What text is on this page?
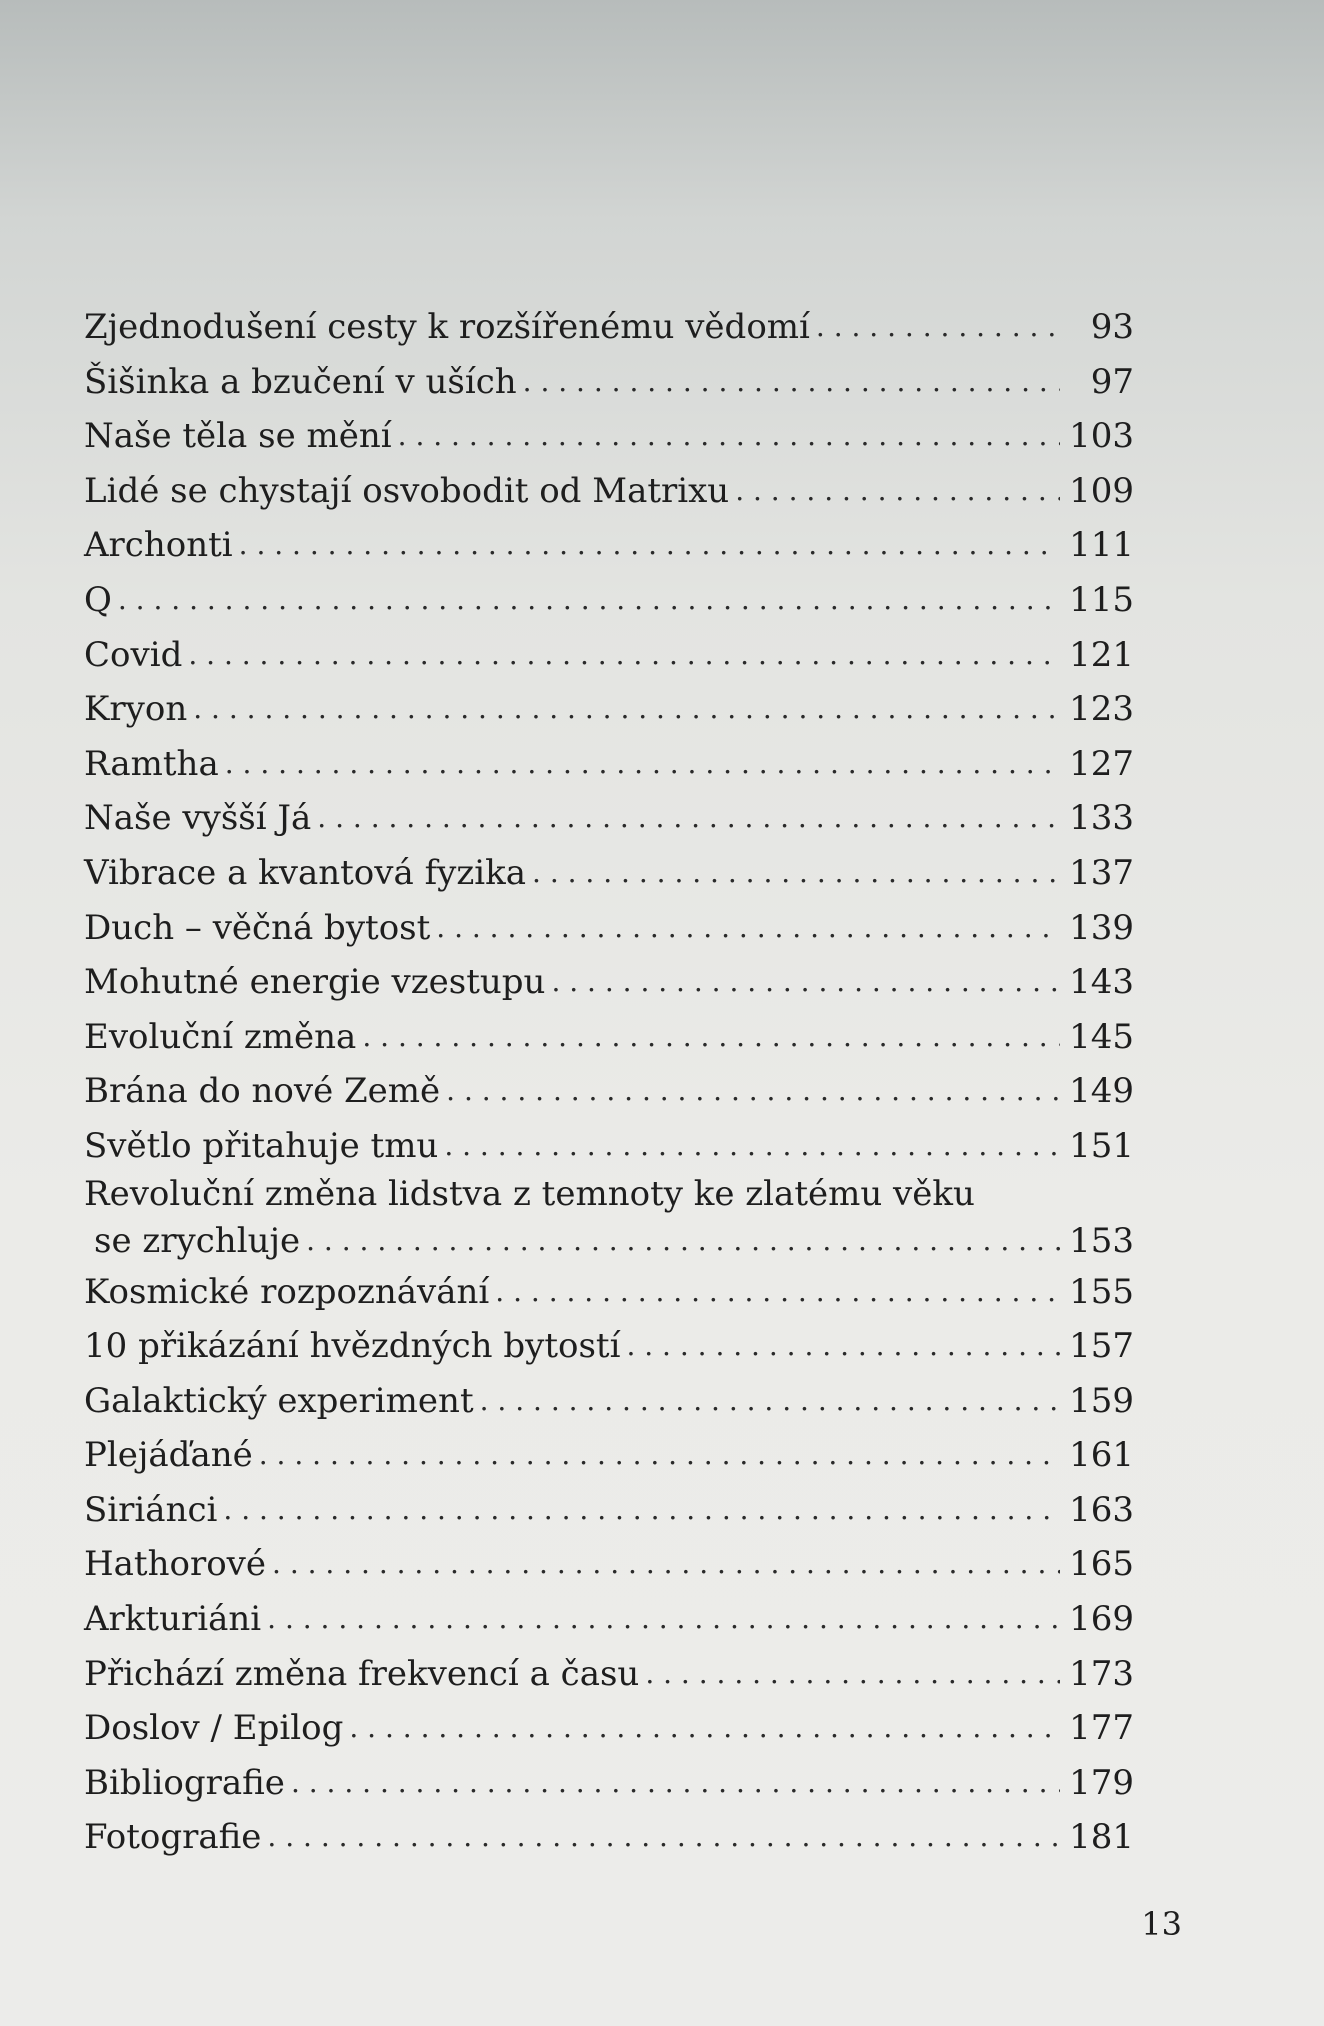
Zjednodušení cesty k rozšířenému vědomí . . .	93
Šišinka a bzučení v uších . . .	97
Naše těla se mění . . .	103
Lidé se chystají osvobodit od Matrixu . . .	109
Archonti . . .	111
Q . . .	115
Covid . . .	121
Kryon . . .	123
Ramtha . . .	127
Naše vyšší Já . . .	133
Vibrace a kvantová fyzika . . .	137
Duch – věčná bytost . . .	139
Mohutné energie vzestupu . . .	143
Evoluční změna . . .	145
Brána do nové Země . . .	149
Světlo přitahuje tmu . . .	151
Revoluční změna lidstva z temnoty ke zlatému věku
se zrychluje . . .	153
Kosmické rozpoznávání . . .	155
10 přikázání hvězdných bytostí . . .	157
Galaktický experiment . . .	159
Plejáďané . . .	161
Siriánci . . .	163
Hathorové . . .	165
Arkturiáni . . .	169
Přichází změna frekvencí a času . . .	173
Doslov / Epilog . . .	177
Bibliografie . . .	179
Fotografie . . .	181
13
